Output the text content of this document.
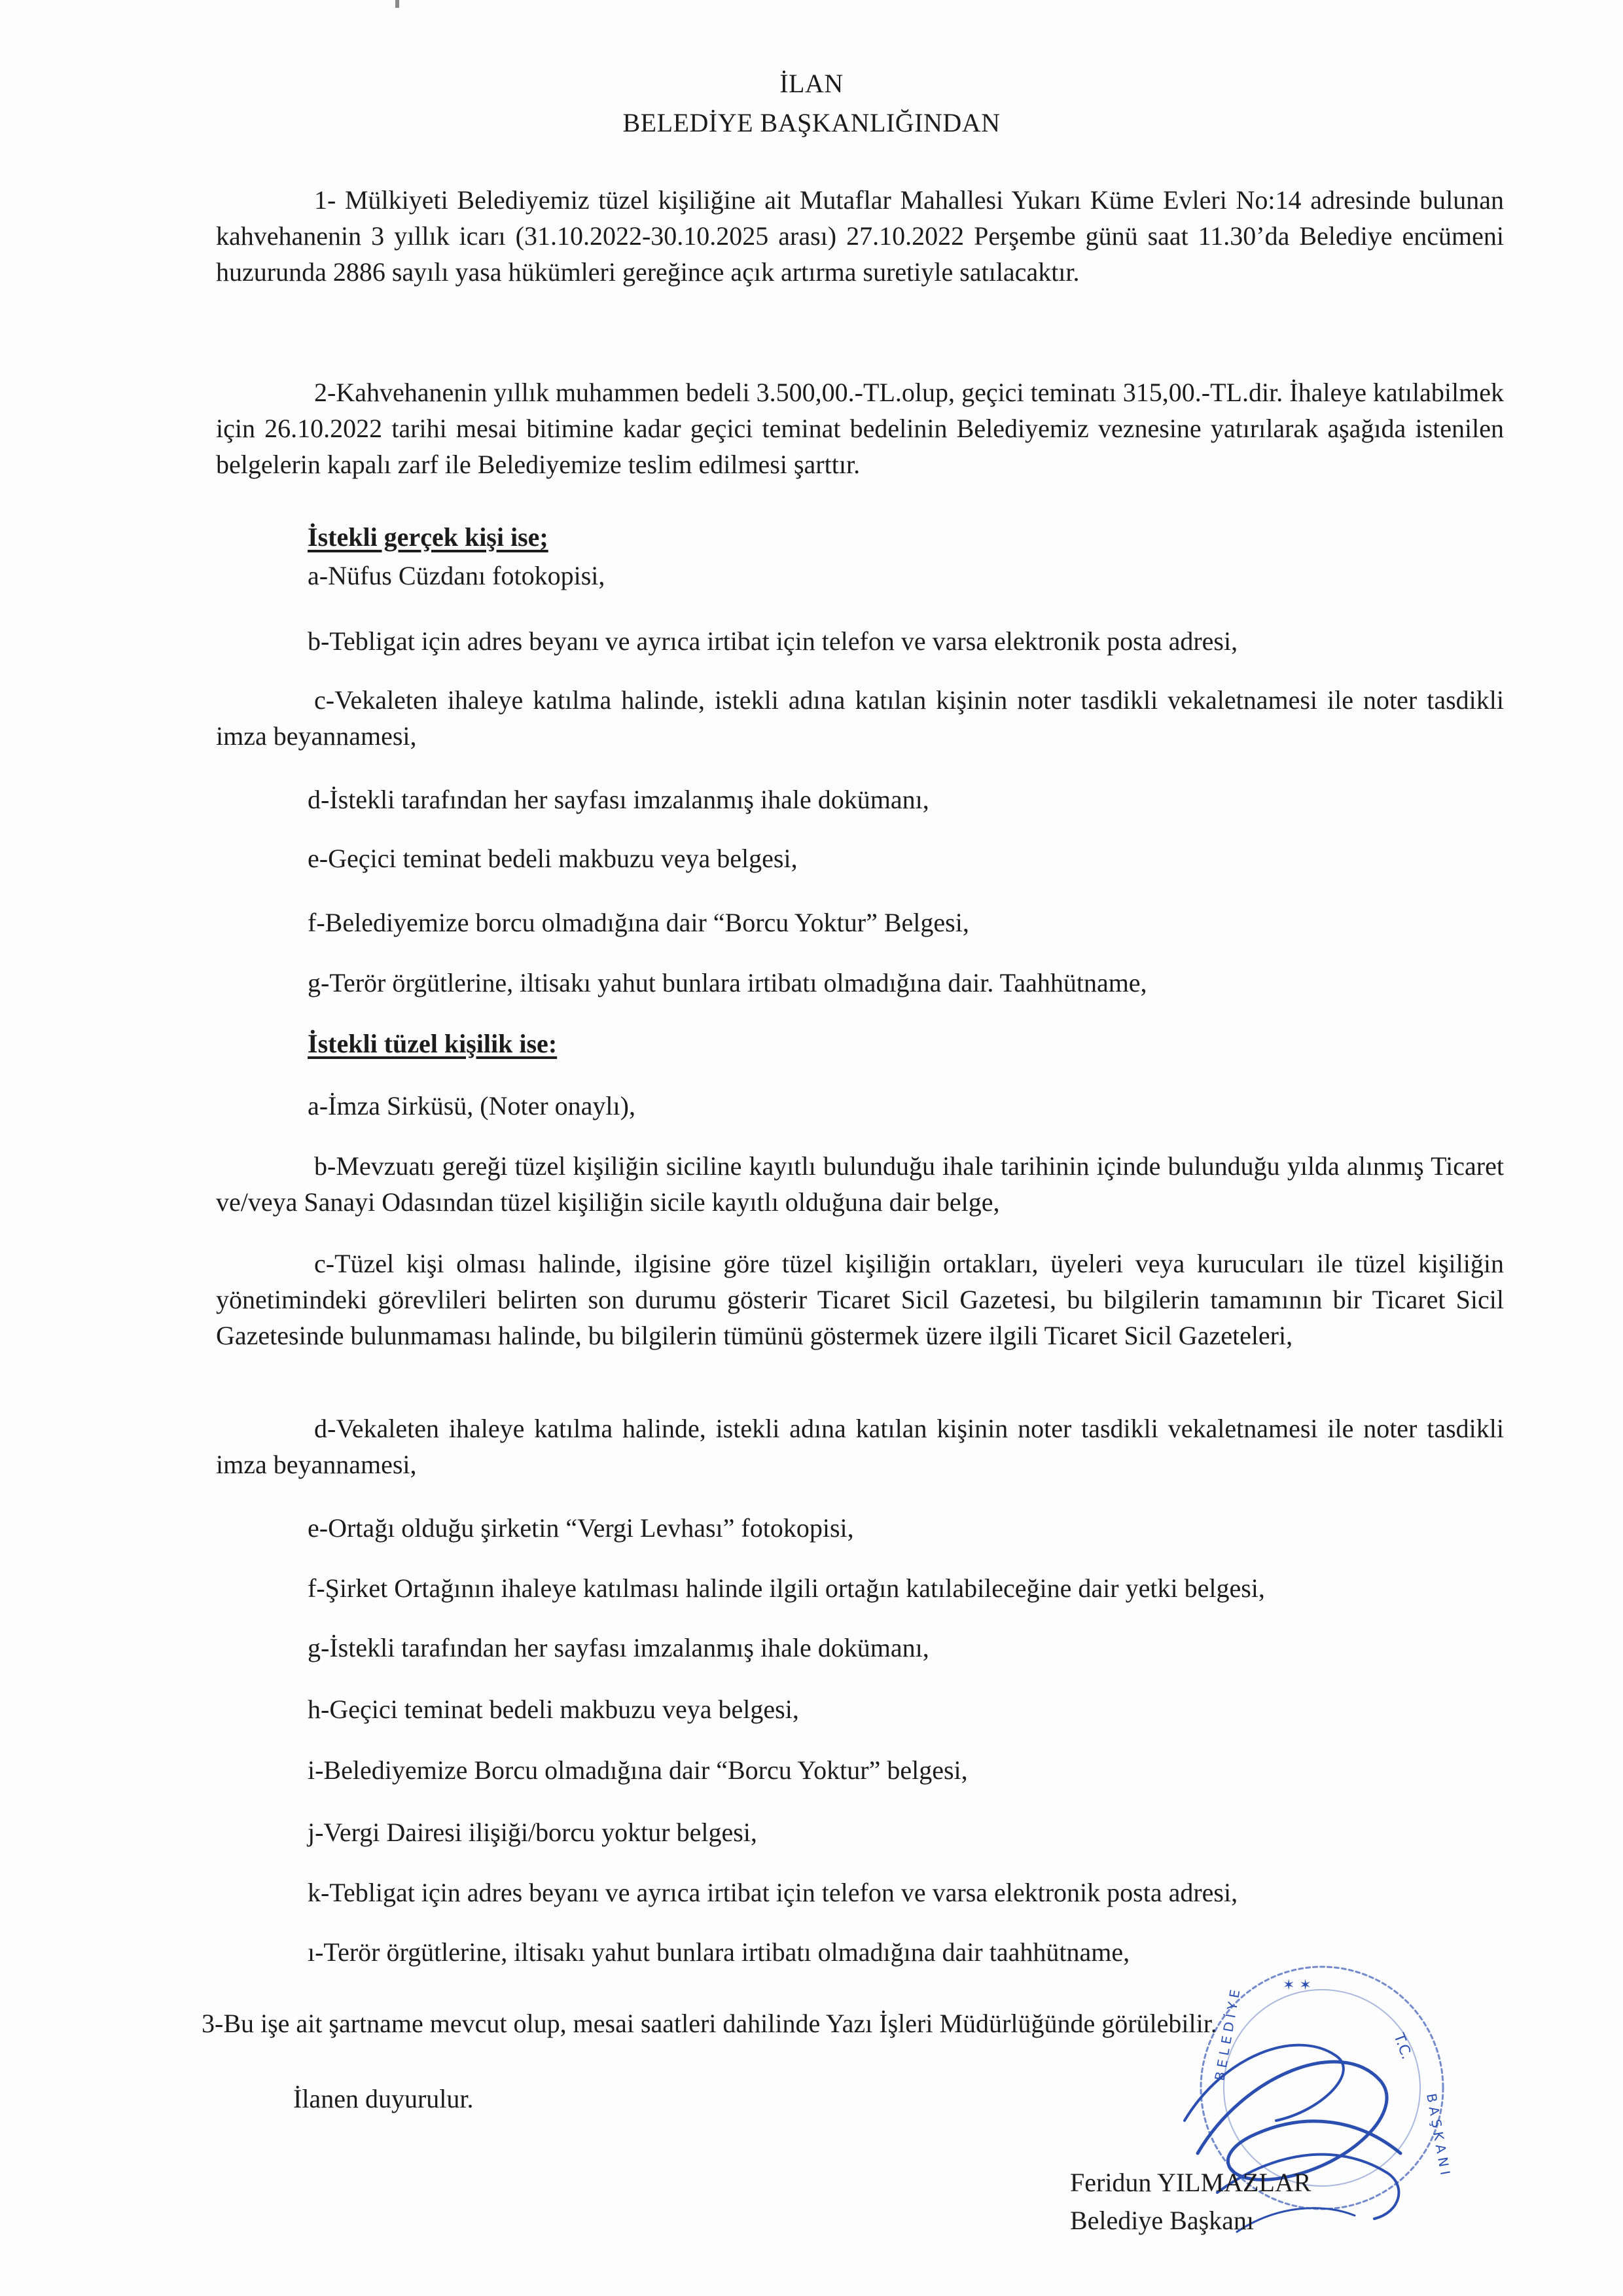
İLAN
BELEDİYE BAŞKANLIĞINDAN

1- Mülkiyeti Belediyemiz tüzel kişiliğine ait Mutaflar Mahallesi Yukarı Küme Evleri No:14 adresinde bulunan kahvehanenin 3 yıllık icarı (31.10.2022-30.10.2025 arası) 27.10.2022 Perşembe günü saat 11.30’da Belediye encümeni huzurunda 2886 sayılı yasa hükümleri gereğince açık artırma suretiyle satılacaktır.

2-Kahvehanenin yıllık muhammen bedeli 3.500,00.-TL.olup, geçici teminatı 315,00.-TL.dir. İhaleye katılabilmek için 26.10.2022 tarihi mesai bitimine kadar geçici teminat bedelinin Belediyemiz veznesine yatırılarak aşağıda istenilen belgelerin kapalı zarf ile Belediyemize teslim edilmesi şarttır.

İstekli gerçek kişi ise;

a-Nüfus Cüzdanı fotokopisi,

b-Tebligat için adres beyanı ve ayrıca irtibat için telefon ve varsa elektronik posta adresi,

c-Vekaleten ihaleye katılma halinde, istekli adına katılan kişinin noter tasdikli vekaletnamesi ile noter tasdikli imza beyannamesi,

d-İstekli tarafından her sayfası imzalanmış ihale dokümanı,

e-Geçici teminat bedeli makbuzu veya belgesi,

f-Belediyemize borcu olmadığına dair “Borcu Yoktur” Belgesi,

g-Terör örgütlerine, iltisakı yahut bunlara irtibatı olmadığına dair. Taahhütname,

İstekli tüzel kişilik ise:

a-İmza Sirküsü, (Noter onaylı),

b-Mevzuatı gereği tüzel kişiliğin siciline kayıtlı bulunduğu ihale tarihinin içinde bulunduğu yılda alınmış Ticaret ve/veya Sanayi Odasından tüzel kişiliğin sicile kayıtlı olduğuna dair belge,

c-Tüzel kişi olması halinde, ilgisine göre tüzel kişiliğin ortakları, üyeleri veya kurucuları ile tüzel kişiliğin yönetimindeki görevlileri belirten son durumu gösterir Ticaret Sicil Gazetesi, bu bilgilerin tamamının bir Ticaret Sicil Gazetesinde bulunmaması halinde, bu bilgilerin tümünü göstermek üzere ilgili Ticaret Sicil Gazeteleri,

d-Vekaleten ihaleye katılma halinde, istekli adına katılan kişinin noter tasdikli vekaletnamesi ile noter tasdikli imza beyannamesi,

e-Ortağı olduğu şirketin “Vergi Levhası” fotokopisi,

f-Şirket Ortağının ihaleye katılması halinde ilgili ortağın katılabileceğine dair yetki belgesi,

g-İstekli tarafından her sayfası imzalanmış ihale dokümanı,

h-Geçici teminat bedeli makbuzu veya belgesi,

i-Belediyemize Borcu olmadığına dair “Borcu Yoktur” belgesi,

j-Vergi Dairesi ilişiği/borcu yoktur belgesi,

k-Tebligat için adres beyanı ve ayrıca irtibat için telefon ve varsa elektronik posta adresi,

ı-Terör örgütlerine, iltisakı yahut bunlara irtibatı olmadığına dair taahhütname,

3-Bu işe ait şartname mevcut olup, mesai saatleri dahilinde Yazı İşleri Müdürlüğünde görülebilir.

İlanen duyurulur.

T.C.
B A Ş K A N I
✶ ✶
B E L E D İ Y E

Feridun YILMAZLAR

Belediye Başkanı
